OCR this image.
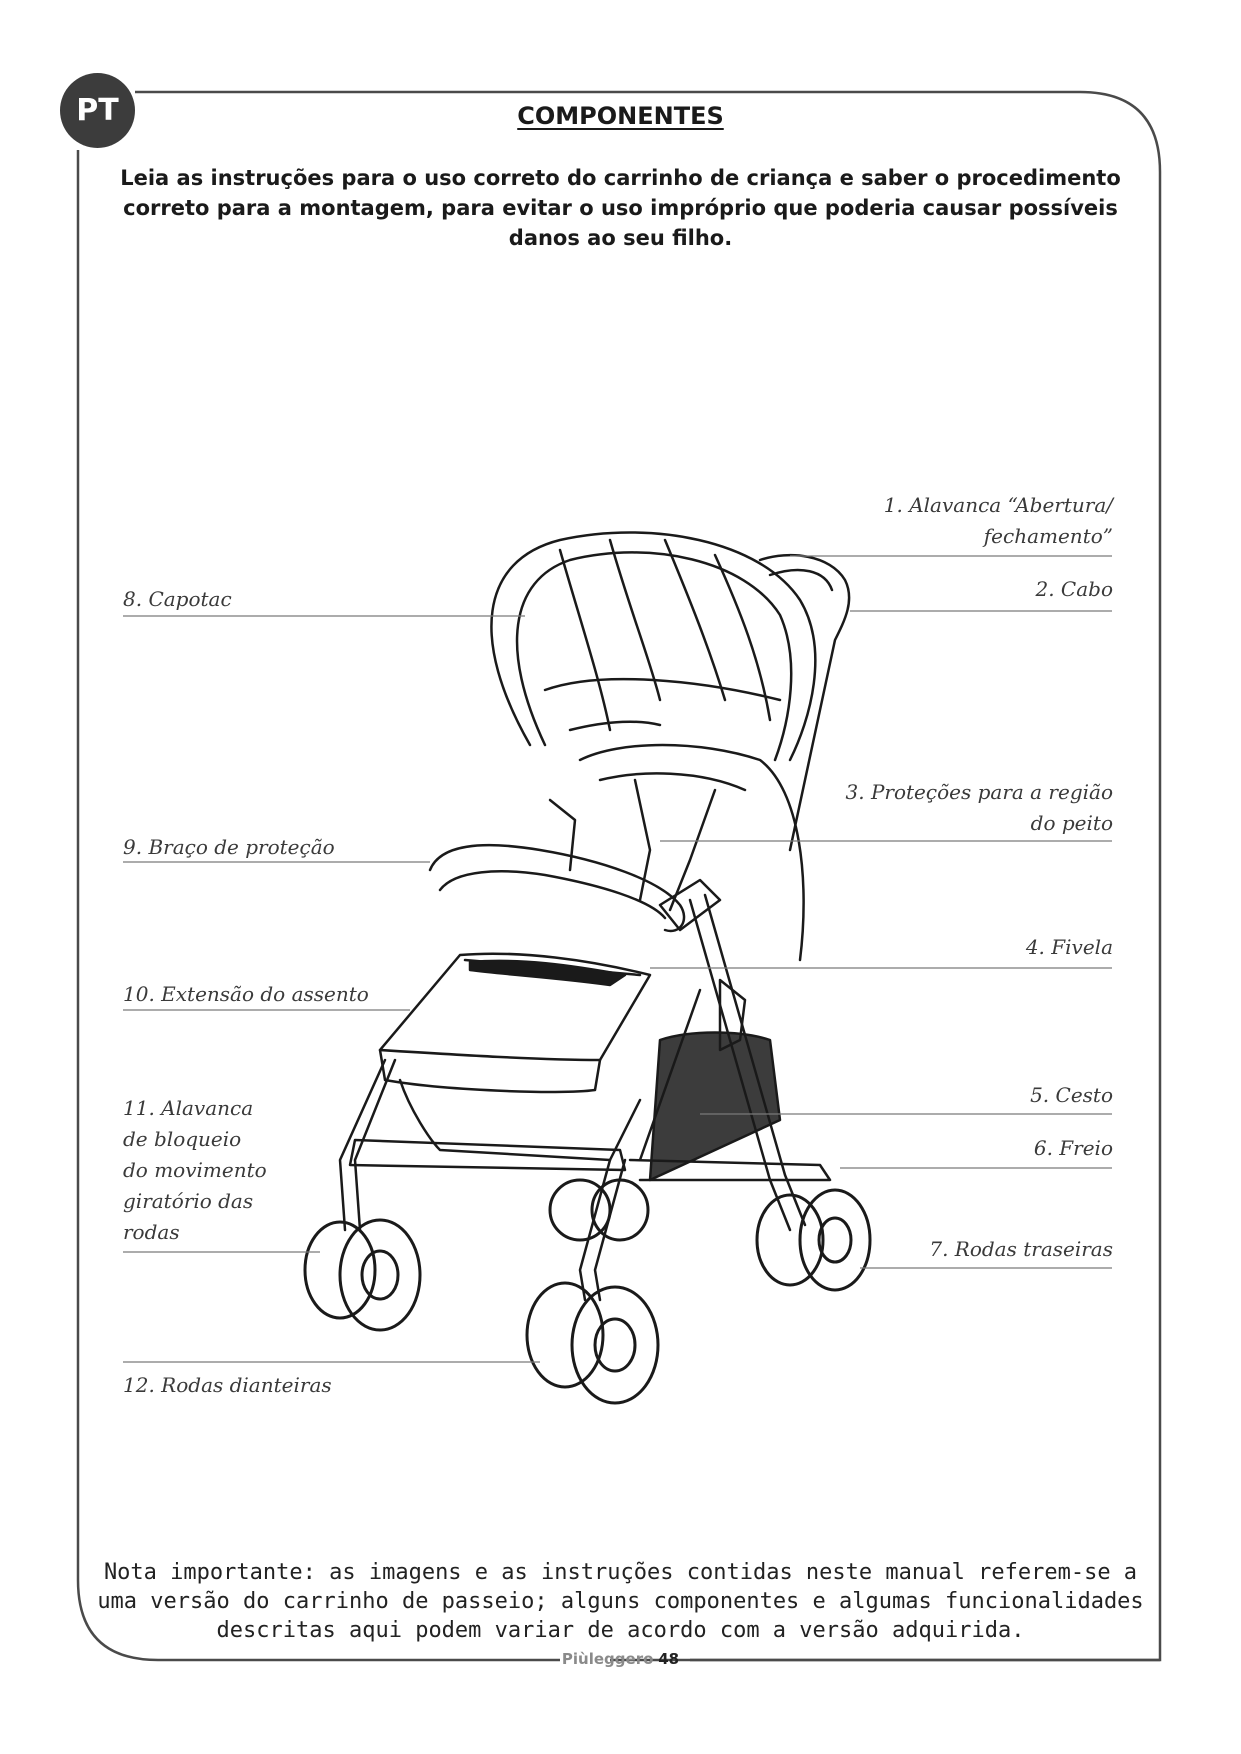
PT	COMPONENTES
Leia as instruções para o uso correto do carrinho de criança e saber o procedimento correto para a montagem, para evitar o uso impróprio que poderia causar possíveis danos ao seu filho.
1. Alavanca “Abertura/ fechamento”
2. Cabo
3. Proteções para a região do peito
4. Fivela
5. Cesto
6. Freio
7. Rodas traseiras
8. Capotac
9. Braço de proteção
10. Extensão do assento
11. Alavanca de bloqueio do movimento giratório das rodas
12. Rodas dianteiras
Nota importante: as imagens e as instruções contidas neste manual referem-se a uma versão do carrinho de passeio; alguns componentes e algumas funcionalidades descritas aqui podem variar de acordo com a versão adquirida.
Piùleggero 48
